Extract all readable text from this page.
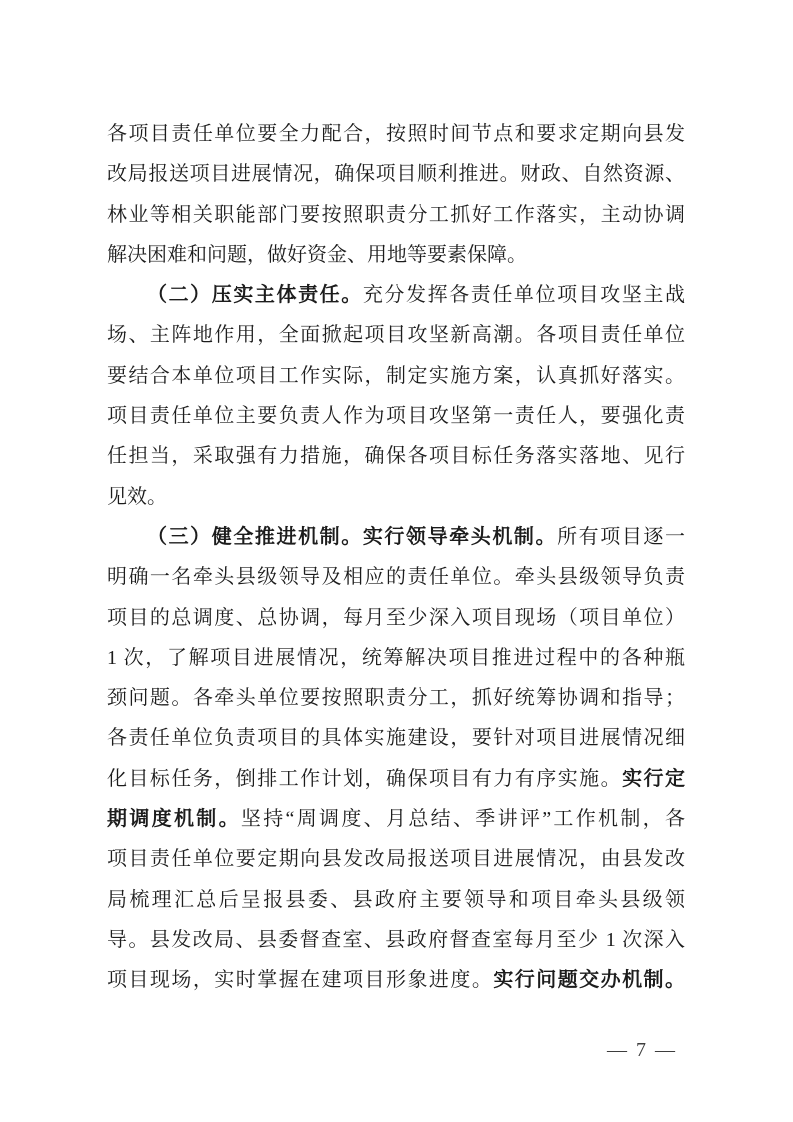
各项目责任单位要全力配合，按照时间节点和要求定期向县发
改局报送项目进展情况，确保项目顺利推进。财政、自然资源、
林业等相关职能部门要按照职责分工抓好工作落实，主动协调
解决困难和问题，做好资金、用地等要素保障。
（二）压实主体责任。充分发挥各责任单位项目攻坚主战
场、主阵地作用，全面掀起项目攻坚新高潮。各项目责任单位
要结合本单位项目工作实际，制定实施方案，认真抓好落实。
项目责任单位主要负责人作为项目攻坚第一责任人，要强化责
任担当，采取强有力措施，确保各项目标任务落实落地、见行
见效。
（三）健全推进机制。实行领导牵头机制。所有项目逐一
明确一名牵头县级领导及相应的责任单位。牵头县级领导负责
项目的总调度、总协调，每月至少深入项目现场（项目单位）
1 次，了解项目进展情况，统筹解决项目推进过程中的各种瓶
颈问题。各牵头单位要按照职责分工，抓好统筹协调和指导；
各责任单位负责项目的具体实施建设，要针对项目进展情况细
化目标任务，倒排工作计划，确保项目有力有序实施。实行定
期调度机制。坚持“周调度、月总结、季讲评”工作机制，各
项目责任单位要定期向县发改局报送项目进展情况，由县发改
局梳理汇总后呈报县委、县政府主要领导和项目牵头县级领
导。县发改局、县委督查室、县政府督查室每月至少 1 次深入
项目现场，实时掌握在建项目形象进度。实行问题交办机制。
— 7 —
